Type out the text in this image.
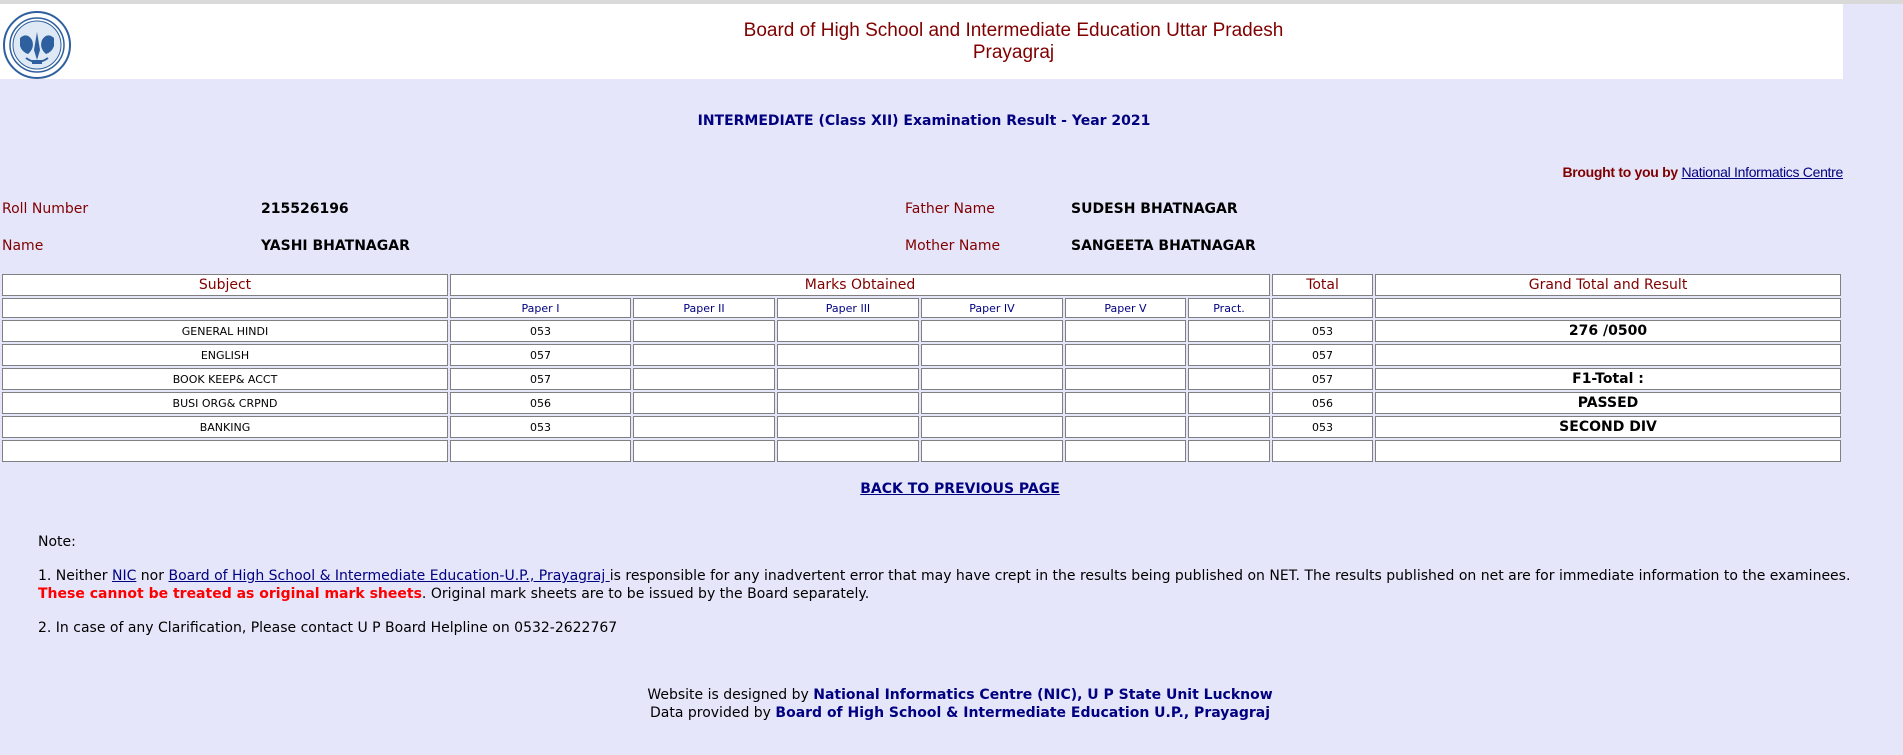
Board of High School and Intermediate Education Uttar Pradesh
Prayagraj
INTERMEDIATE (Class XII) Examination Result - Year 2021
Brought to you by National Informatics Centre
Roll Number	215526196	Father Name	SUDESH BHATNAGAR
Name	YASHI BHATNAGAR	Mother Name	SANGEETA BHATNAGAR
Subject	Marks Obtained						Total	Grand Total and Result
	Paper I	Paper II	Paper III	Paper IV	Paper V	Pract.		
GENERAL HINDI	053						053	276 /0500
ENGLISH	057						057	
BOOK KEEP& ACCT	057						057	F1-Total :
BUSI ORG& CRPND	056						056	PASSED
BANKING	053						053	SECOND DIV

BACK TO PREVIOUS PAGE
Note:
1. Neither NIC nor Board of High School & Intermediate Education-U.P., Prayagraj is responsible for any inadvertent error that may have crept in the results being published on NET. The results published on net are for immediate information to the examinees. These cannot be treated as original mark sheets. Original mark sheets are to be issued by the Board separately.
2. In case of any Clarification, Please contact U P Board Helpline on 0532-2622767
Website is designed by National Informatics Centre (NIC), U P State Unit Lucknow
Data provided by Board of High School & Intermediate Education U.P., Prayagraj
